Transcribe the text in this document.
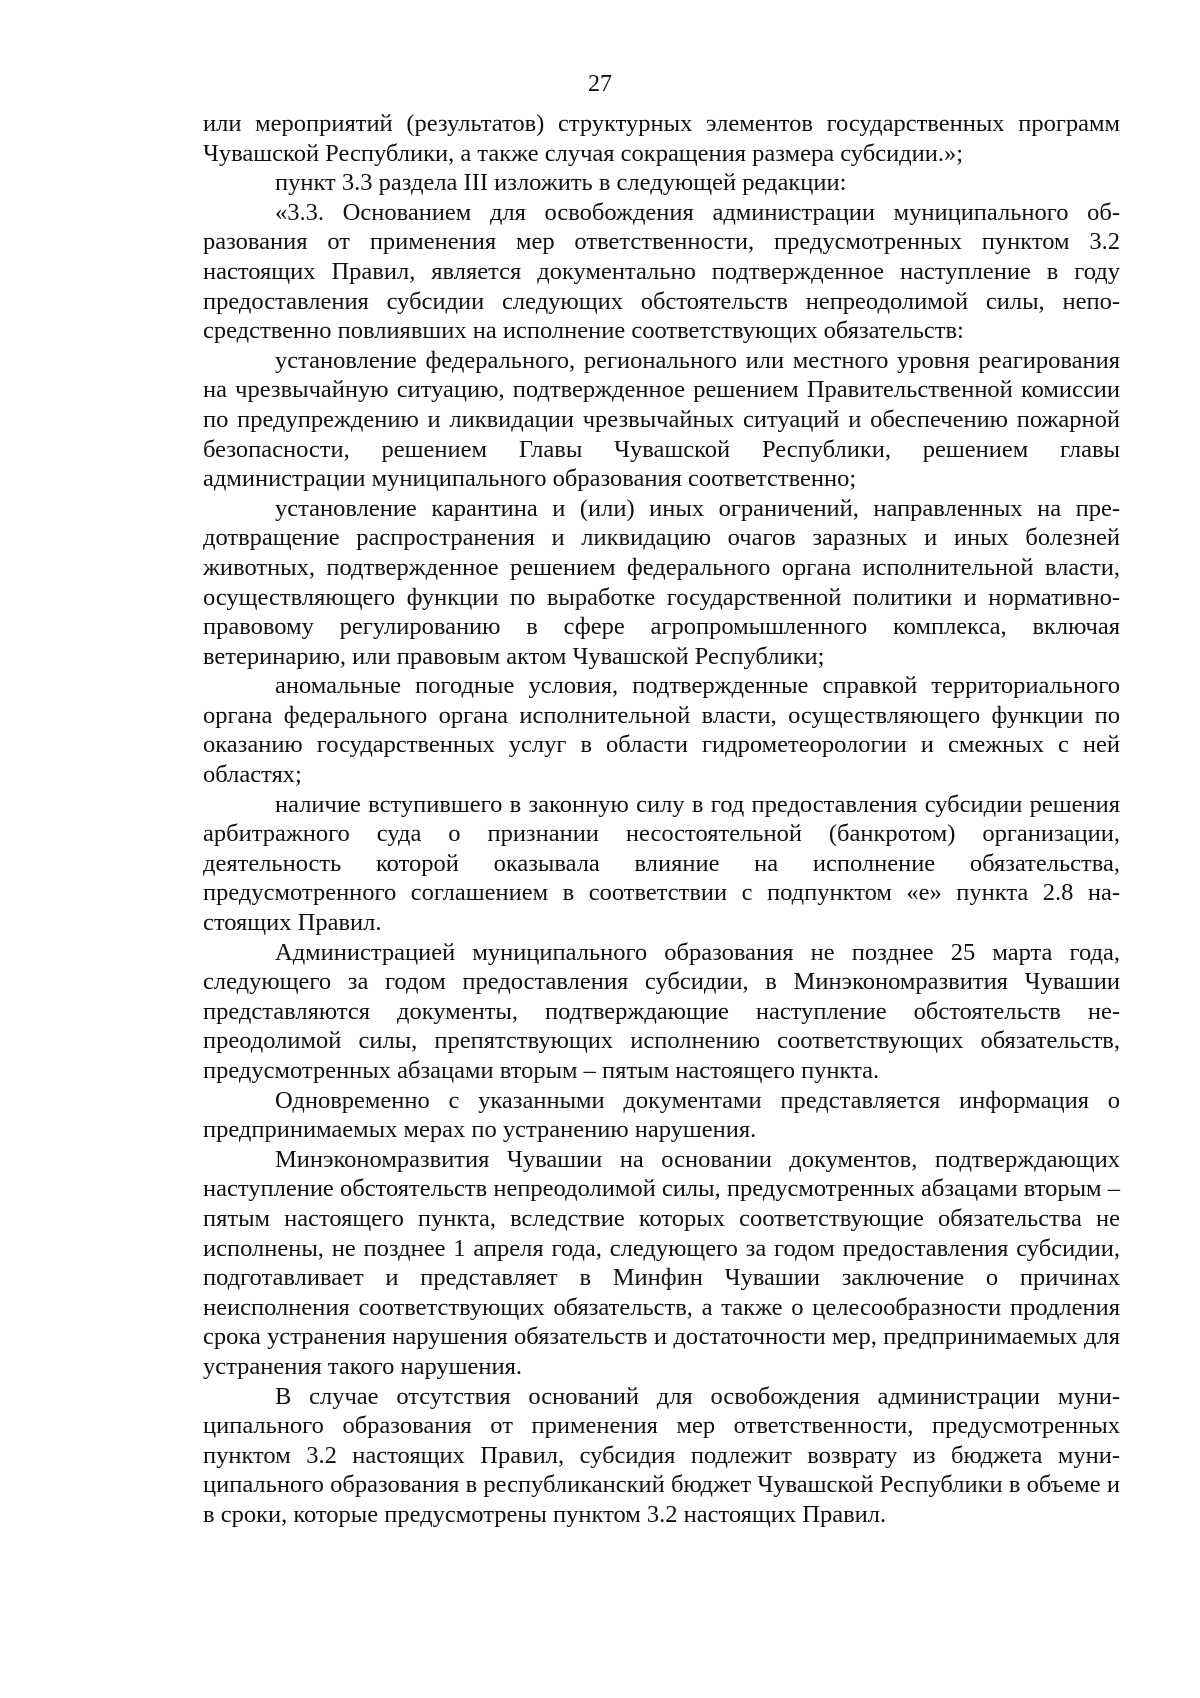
27

или мероприятий (результатов) структурных элементов государственных программ Чувашской Республики, а также случая сокращения размера субсидии.»;

пункт 3.3 раздела III изложить в следующей редакции:

«3.3. Основанием для освобождения администрации муниципального образования от применения мер ответственности, предусмотренных пунктом 3.2 настоящих Правил, является документально подтвержденное наступление в году предоставления субсидии следующих обстоятельств непреодолимой силы, непосредственно повлиявших на исполнение соответствующих обязательств:

установление федерального, регионального или местного уровня реагирования на чрезвычайную ситуацию, подтвержденное решением Правительственной комиссии по предупреждению и ликвидации чрезвычайных ситуаций и обеспечению пожарной безопасности, решением Главы Чувашской Республики, решением главы администрации муниципального образования соответственно;

установление карантина и (или) иных ограничений, направленных на предотвращение распространения и ликвидацию очагов заразных и иных болезней животных, подтвержденное решением федерального органа исполнительной власти, осуществляющего функции по выработке государственной политики и нормативно-правовому регулированию в сфере агропромышленного комплекса, включая ветеринарию, или правовым актом Чувашской Республики;

аномальные погодные условия, подтвержденные справкой территориального органа федерального органа исполнительной власти, осуществляющего функции по оказанию государственных услуг в области гидрометеорологии и смежных с ней областях;

наличие вступившего в законную силу в год предоставления субсидии решения арбитражного суда о признании несостоятельной (банкротом) организации, деятельность которой оказывала влияние на исполнение обязательства, предусмотренного соглашением в соответствии с подпунктом «е» пункта 2.8 настоящих Правил.

Администрацией муниципального образования не позднее 25 марта года, следующего за годом предоставления субсидии, в Минэкономразвития Чувашии представляются документы, подтверждающие наступление обстоятельств непреодолимой силы, препятствующих исполнению соответствующих обязательств, предусмотренных абзацами вторым – пятым настоящего пункта.

Одновременно с указанными документами представляется информация о предпринимаемых мерах по устранению нарушения.

Минэкономразвития Чувашии на основании документов, подтверждающих наступление обстоятельств непреодолимой силы, предусмотренных абзацами вторым – пятым настоящего пункта, вследствие которых соответствующие обязательства не исполнены, не позднее 1 апреля года, следующего за годом предоставления субсидии, подготавливает и представляет в Минфин Чувашии заключение о причинах неисполнения соответствующих обязательств, а также о целесообразности продления срока устранения нарушения обязательств и достаточности мер, предпринимаемых для устранения такого нарушения.

В случае отсутствия оснований для освобождения администрации муниципального образования от применения мер ответственности, предусмотренных пунктом 3.2 настоящих Правил, субсидия подлежит возврату из бюджета муниципального образования в республиканский бюджет Чувашской Республики в объеме и в сроки, которые предусмотрены пунктом 3.2 настоящих Правил.
